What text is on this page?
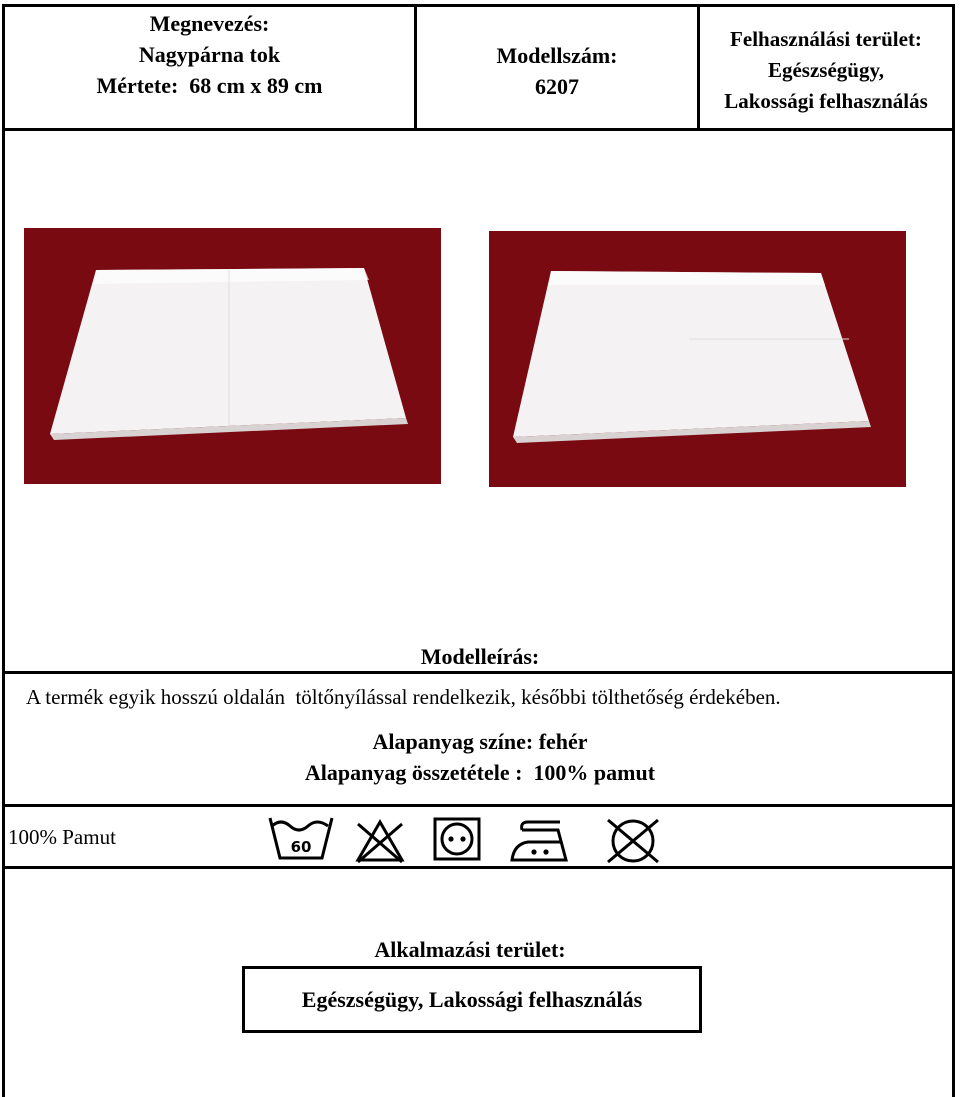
Megnevezés:
Nagypárna tok
Mértete:  68 cm x 89 cm
Modellszám:
6207
Felhasználási terület:
Egészségügy,
Lakossági felhasználás
Modelleírás:
A termék egyik hosszú oldalán  töltőnyílással rendelkezik, későbbi tölthetőség érdekében.
Alapanyag színe: fehér
Alapanyag összetétele :  100% pamut
100% Pamut	60
Alkalmazási terület:
Egészségügy, Lakossági felhasználás
